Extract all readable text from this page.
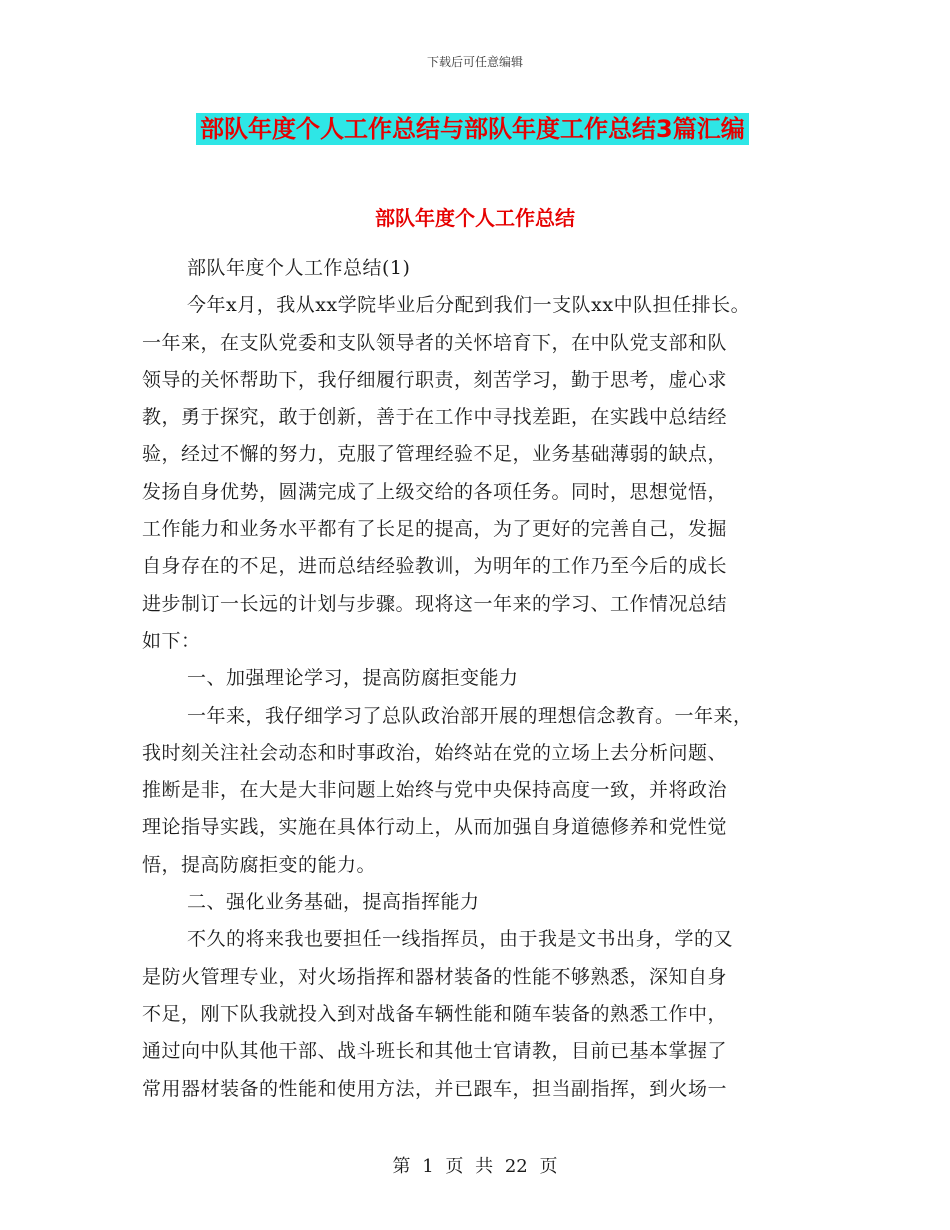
下载后可任意编辑
部队年度个人工作总结与部队年度工作总结3篇汇编
部队年度个人工作总结
部队年度个人工作总结(1)
今年x月，我从xx学院毕业后分配到我们一支队xx中队担任排长。
一年来，在支队党委和支队领导者的关怀培育下，在中队党支部和队
领导的关怀帮助下，我仔细履行职责，刻苦学习，勤于思考，虚心求
教，勇于探究，敢于创新，善于在工作中寻找差距，在实践中总结经
验，经过不懈的努力，克服了管理经验不足，业务基础薄弱的缺点，
发扬自身优势，圆满完成了上级交给的各项任务。同时，思想觉悟，
工作能力和业务水平都有了长足的提高，为了更好的完善自己，发掘
自身存在的不足，进而总结经验教训，为明年的工作乃至今后的成长
进步制订一长远的计划与步骤。现将这一年来的学习、工作情况总结
如下：
一、加强理论学习，提高防腐拒变能力
一年来，我仔细学习了总队政治部开展的理想信念教育。一年来，
我时刻关注社会动态和时事政治，始终站在党的立场上去分析问题、
推断是非，在大是大非问题上始终与党中央保持高度一致，并将政治
理论指导实践，实施在具体行动上，从而加强自身道德修养和党性觉
悟，提高防腐拒变的能力。
二、强化业务基础，提高指挥能力
不久的将来我也要担任一线指挥员，由于我是文书出身，学的又
是防火管理专业，对火场指挥和器材装备的性能不够熟悉，深知自身
不足，刚下队我就投入到对战备车辆性能和随车装备的熟悉工作中，
通过向中队其他干部、战斗班长和其他士官请教，目前已基本掌握了
常用器材装备的性能和使用方法，并已跟车，担当副指挥，到火场一
第 1 页 共 22 页
